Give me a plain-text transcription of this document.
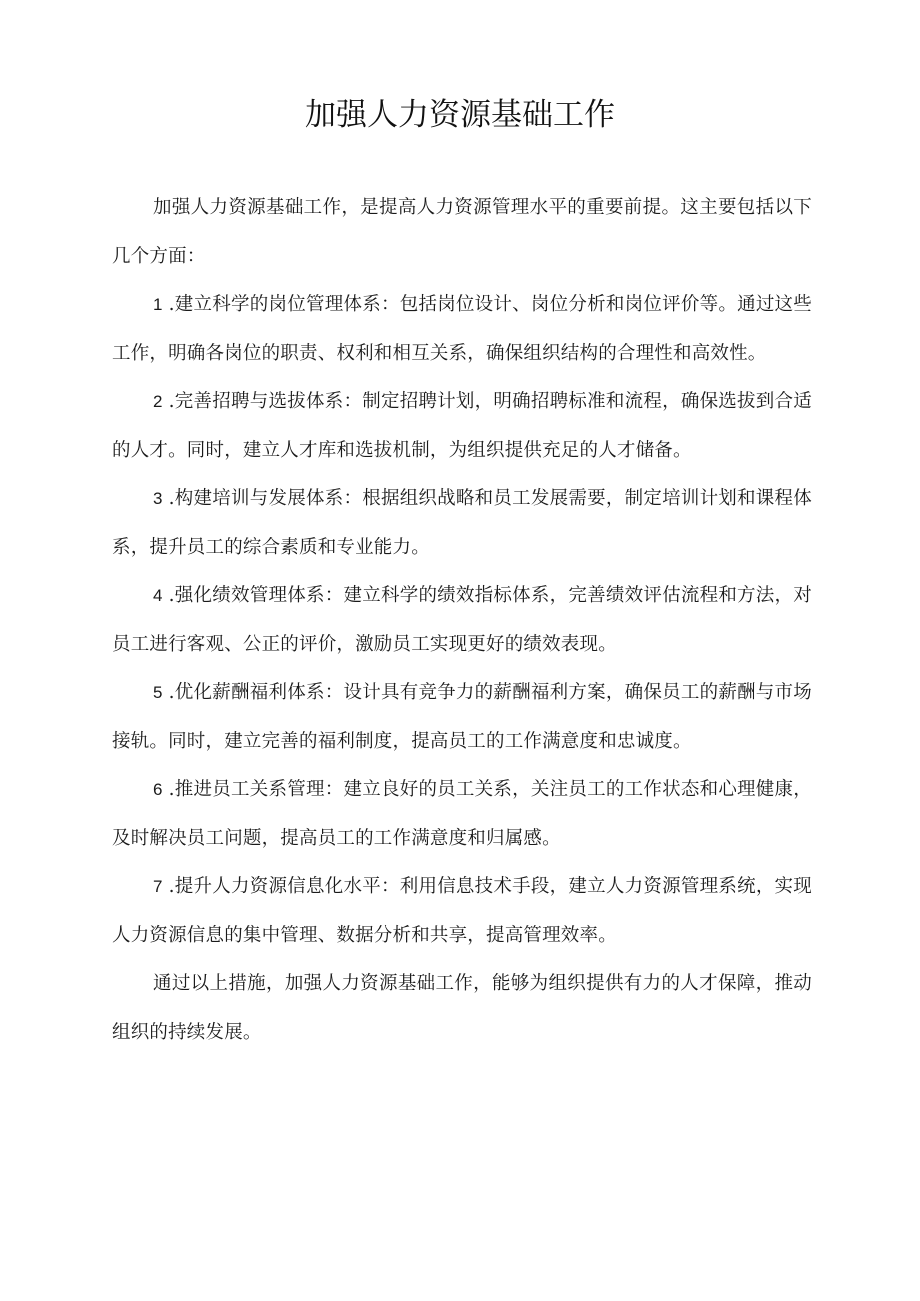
加强人力资源基础工作

加强人力资源基础工作，是提高人力资源管理水平的重要前提。这主要包括以下几个方面：

1 .建立科学的岗位管理体系：包括岗位设计、岗位分析和岗位评价等。通过这些工作，明确各岗位的职责、权利和相互关系，确保组织结构的合理性和高效性。

2 .完善招聘与选拔体系：制定招聘计划，明确招聘标准和流程，确保选拔到合适的人才。同时，建立人才库和选拔机制，为组织提供充足的人才储备。

3 .构建培训与发展体系：根据组织战略和员工发展需要，制定培训计划和课程体系，提升员工的综合素质和专业能力。

4 .强化绩效管理体系：建立科学的绩效指标体系，完善绩效评估流程和方法，对员工进行客观、公正的评价，激励员工实现更好的绩效表现。

5 .优化薪酬福利体系：设计具有竞争力的薪酬福利方案，确保员工的薪酬与市场接轨。同时，建立完善的福利制度，提高员工的工作满意度和忠诚度。

6 .推进员工关系管理：建立良好的员工关系，关注员工的工作状态和心理健康，及时解决员工问题，提高员工的工作满意度和归属感。

7 .提升人力资源信息化水平：利用信息技术手段，建立人力资源管理系统，实现人力资源信息的集中管理、数据分析和共享，提高管理效率。

通过以上措施，加强人力资源基础工作，能够为组织提供有力的人才保障，推动组织的持续发展。
